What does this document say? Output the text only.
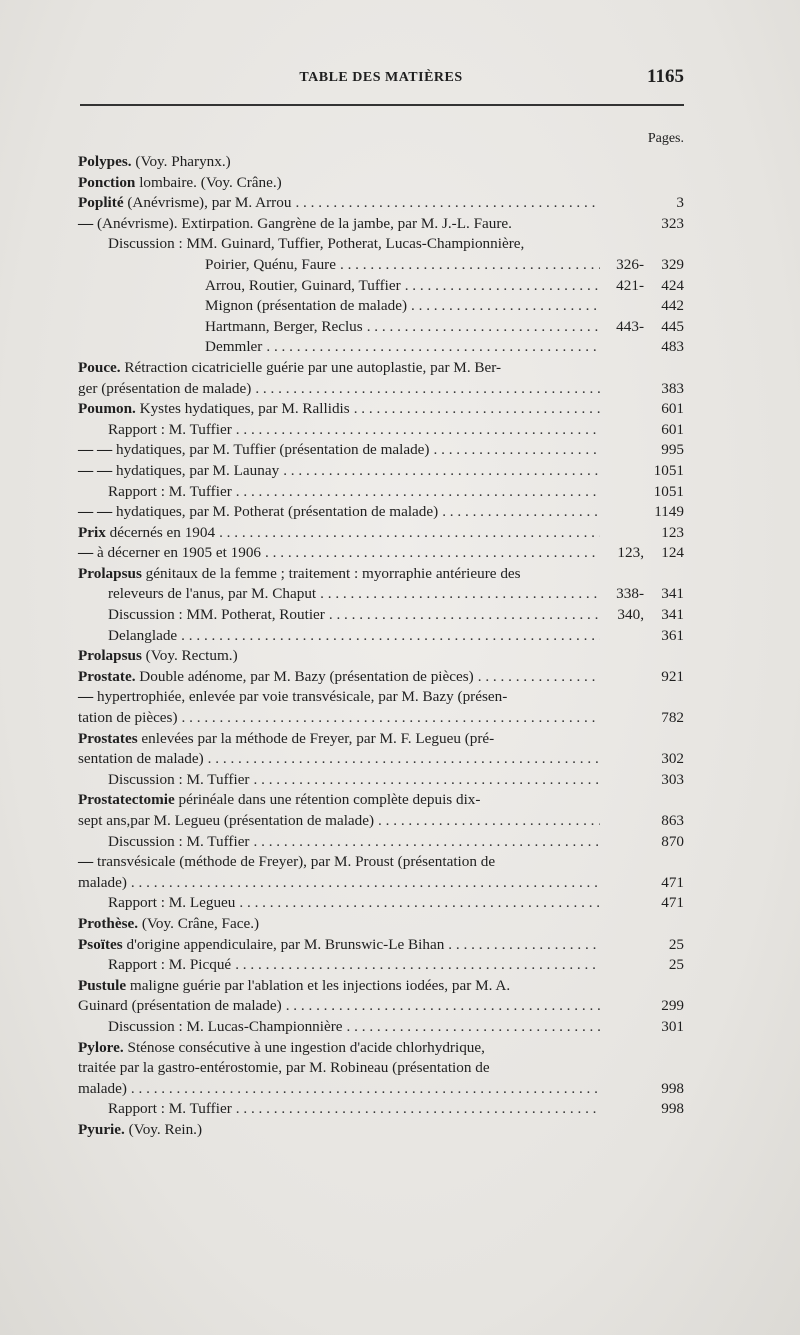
TABLE DES MATIÈRES	1165
Pages.
Polypes. (Voy. Pharynx.)
Ponction lombaire. (Voy. Crâne.)
Poplité (Anévrisme), par M. Arrou . . .	3
— (Anévrisme). Extirpation. Gangrène de la jambe, par M. J.-L. Faure.	323
Discussion : MM. Guinard, Tuffier, Potherat, Lucas-Championnière,
Poirier, Quénu, Faure . . .	326-	329
Arrou, Routier, Guinard, Tuffier . . .	421-	424
Mignon (présentation de malade) . . .	442
Hartmann, Berger, Reclus . . .	443-	445
Demmler . . .	483
Pouce. Rétraction cicatricielle guérie par une autoplastie, par M. Ber-
ger (présentation de malade) . . .	383
Poumon. Kystes hydatiques, par M. Rallidis . . .	601
Rapport : M. Tuffier . . .	601
— — hydatiques, par M. Tuffier (présentation de malade) . . .	995
— — hydatiques, par M. Launay . . .	1051
Rapport : M. Tuffier . . .	1051
— — hydatiques, par M. Potherat (présentation de malade) . . .	1149
Prix décernés en 1904 . . .	123
— à décerner en 1905 et 1906 . . .	123,	124
Prolapsus génitaux de la femme ; traitement : myorraphie antérieure des
releveurs de l'anus, par M. Chaput . . .	338-	341
Discussion : MM. Potherat, Routier . . .	340,	341
Delanglade . . .	361
Prolapsus (Voy. Rectum.)
Prostate. Double adénome, par M. Bazy (présentation de pièces) . . .	921
— hypertrophiée, enlevée par voie transvésicale, par M. Bazy (présen-
tation de pièces) . . .	782
Prostates enlevées par la méthode de Freyer, par M. F. Legueu (pré-
sentation de malade) . . .	302
Discussion : M. Tuffier . . .	303
Prostatectomie périnéale dans une rétention complète depuis dix-
sept ans,par M. Legueu (présentation de malade) . . .	863
Discussion : M. Tuffier . . .	870
— transvésicale (méthode de Freyer), par M. Proust (présentation de
malade) . . .	471
Rapport : M. Legueu . . .	471
Prothèse. (Voy. Crâne, Face.)
Psoïtes d'origine appendiculaire, par M. Brunswic-Le Bihan . . .	25
Rapport : M. Picqué . . .	25
Pustule maligne guérie par l'ablation et les injections iodées, par M. A.
Guinard (présentation de malade) . . .	299
Discussion : M. Lucas-Championnière . . .	301
Pylore. Sténose consécutive à une ingestion d'acide chlorhydrique,
traitée par la gastro-entérostomie, par M. Robineau (présentation de
malade) . . .	998
Rapport : M. Tuffier . . .	998
Pyurie. (Voy. Rein.)
